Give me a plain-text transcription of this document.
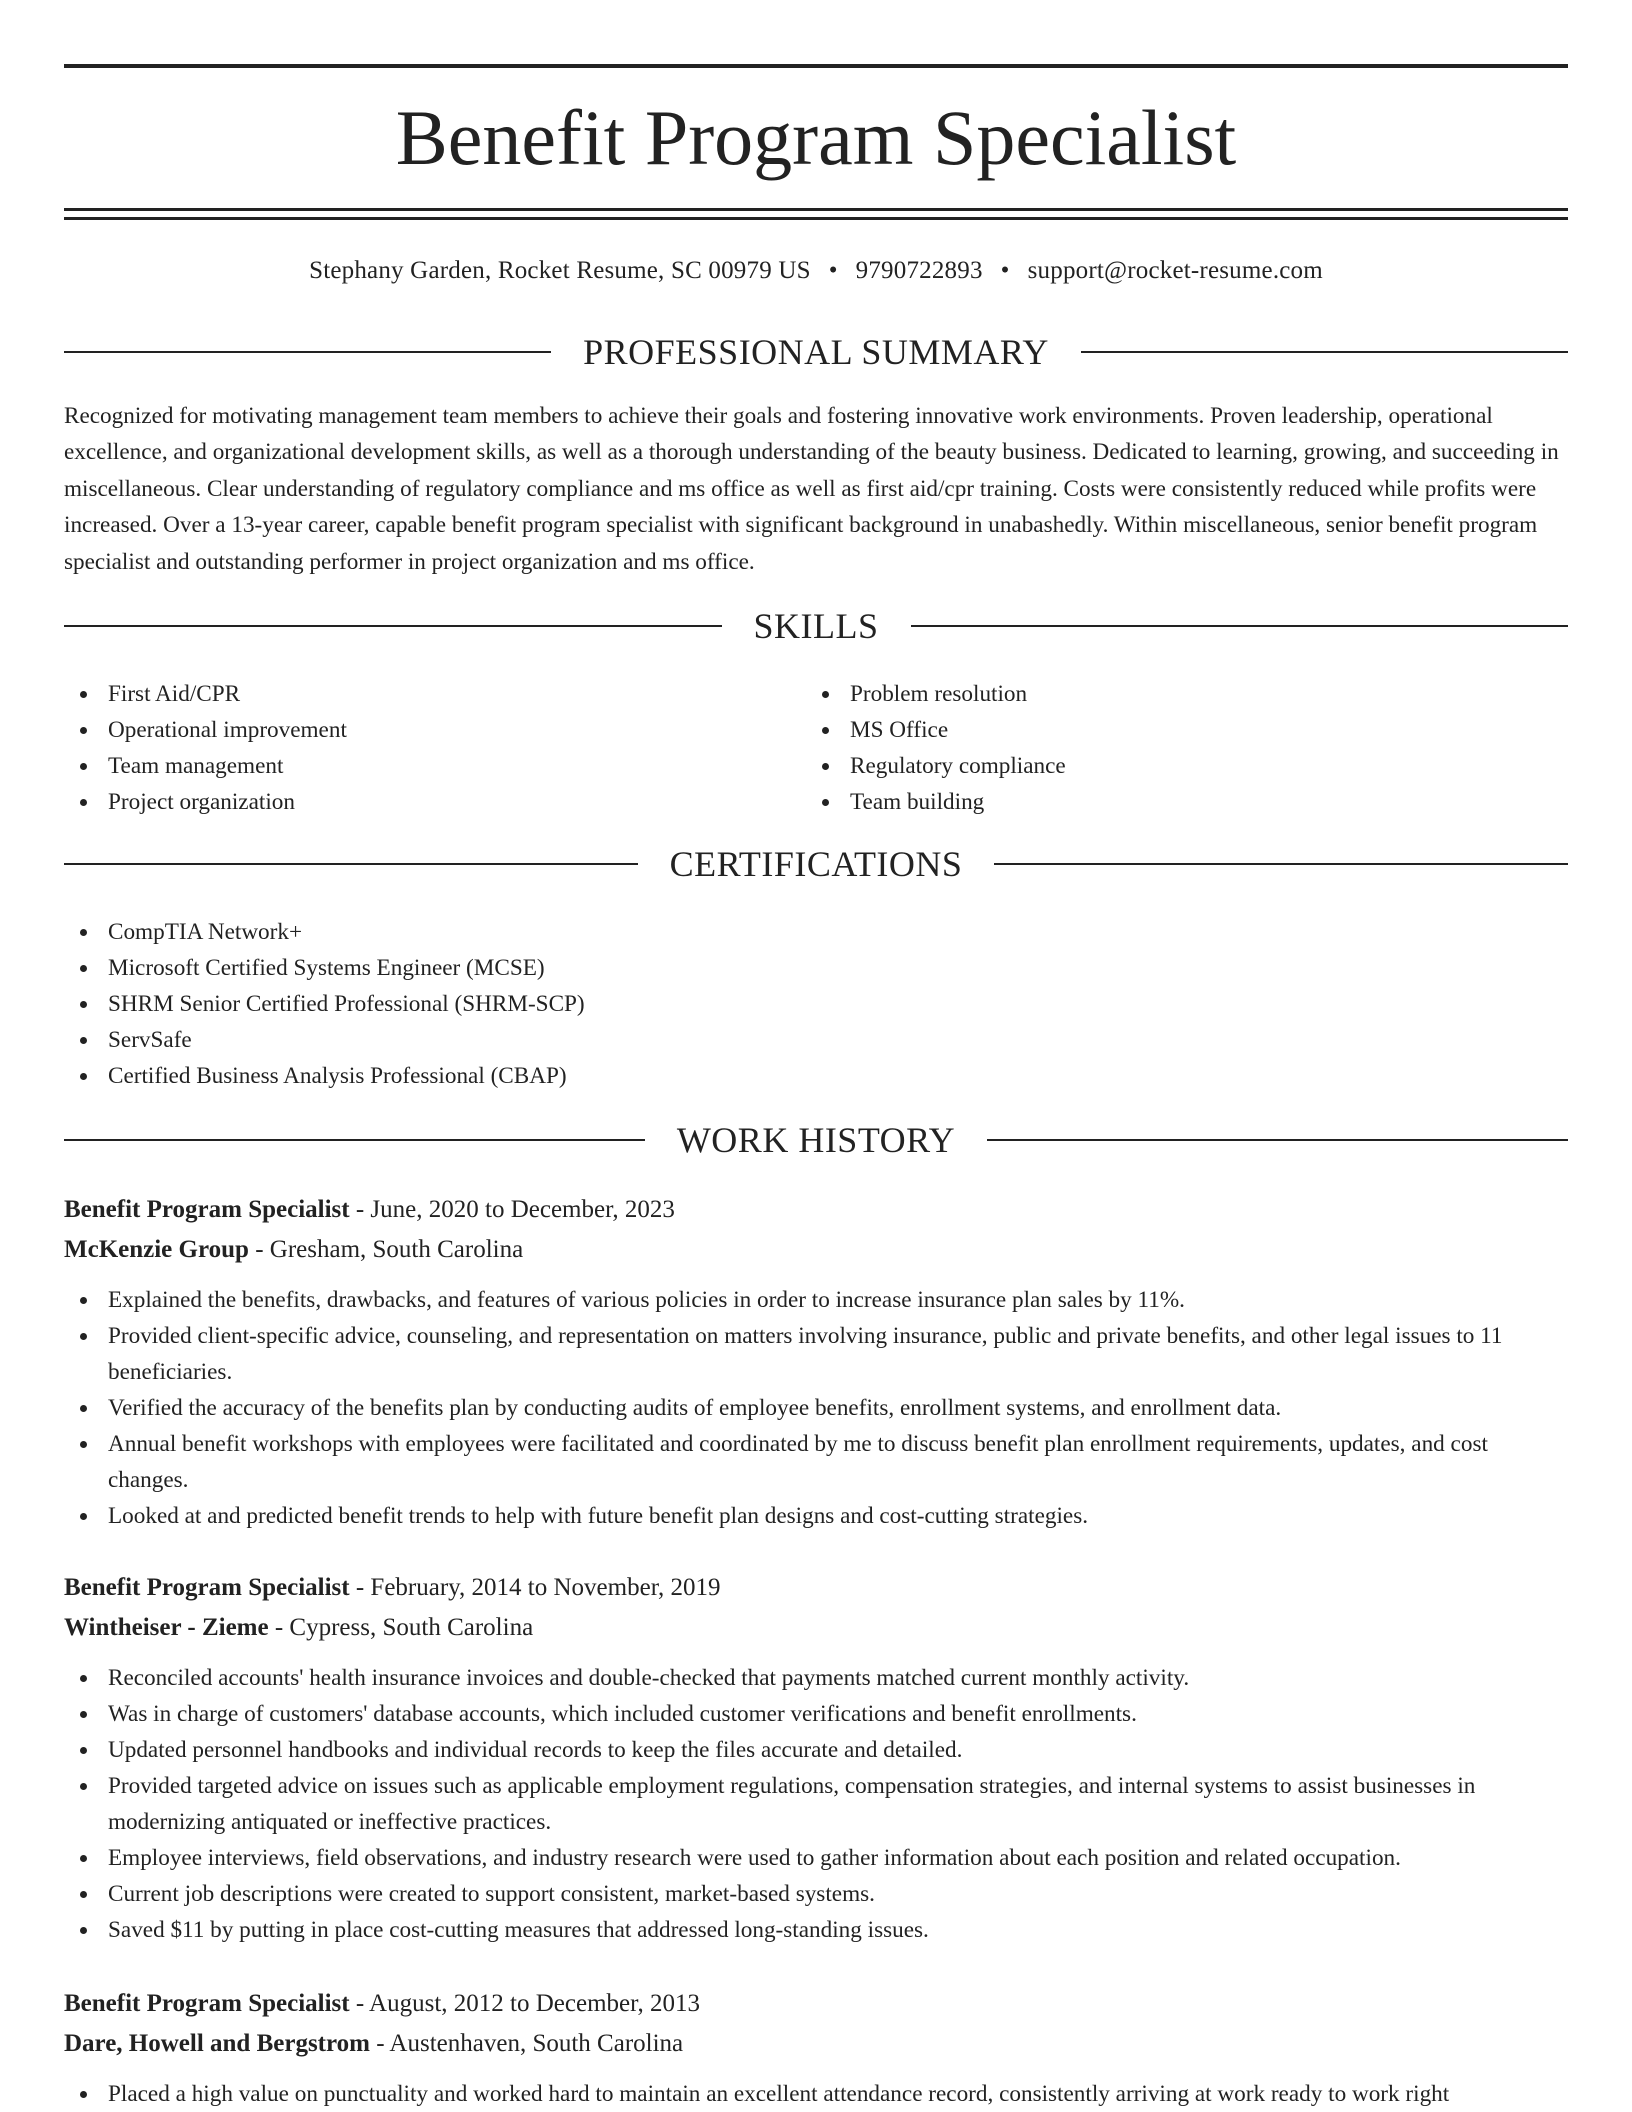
Benefit Program Specialist
Stephany Garden, Rocket Resume, SC 00979 US • 9790722893 • support@rocket-resume.com
PROFESSIONAL SUMMARY

Recognized for motivating management team members to achieve their goals and fostering innovative work environments. Proven leadership, operational excellence, and organizational development skills, as well as a thorough understanding of the beauty business. Dedicated to learning, growing, and succeeding in miscellaneous. Clear understanding of regulatory compliance and ms office as well as first aid/cpr training. Costs were consistently reduced while profits were increased. Over a 13-year career, capable benefit program specialist with significant background in unabashedly. Within miscellaneous, senior benefit program specialist and outstanding performer in project organization and ms office.

SKILLS
First Aid/CPR
Operational improvement
Team management
Project organization
Problem resolution
MS Office
Regulatory compliance
Team building
CERTIFICATIONS
CompTIA Network+
Microsoft Certified Systems Engineer (MCSE)
SHRM Senior Certified Professional (SHRM-SCP)
ServSafe
Certified Business Analysis Professional (CBAP)
WORK HISTORY
Benefit Program Specialist - June, 2020 to December, 2023
McKenzie Group - Gresham, South Carolina
Explained the benefits, drawbacks, and features of various policies in order to increase insurance plan sales by 11%.
Provided client-specific advice, counseling, and representation on matters involving insurance, public and private benefits, and other legal issues to 11 beneficiaries.
Verified the accuracy of the benefits plan by conducting audits of employee benefits, enrollment systems, and enrollment data.
Annual benefit workshops with employees were facilitated and coordinated by me to discuss benefit plan enrollment requirements, updates, and cost changes.
Looked at and predicted benefit trends to help with future benefit plan designs and cost-cutting strategies.
Benefit Program Specialist - February, 2014 to November, 2019
Wintheiser - Zieme - Cypress, South Carolina
Reconciled accounts' health insurance invoices and double-checked that payments matched current monthly activity.
Was in charge of customers' database accounts, which included customer verifications and benefit enrollments.
Updated personnel handbooks and individual records to keep the files accurate and detailed.
Provided targeted advice on issues such as applicable employment regulations, compensation strategies, and internal systems to assist businesses in modernizing antiquated or ineffective practices.
Employee interviews, field observations, and industry research were used to gather information about each position and related occupation.
Current job descriptions were created to support consistent, market-based systems.
Saved $11 by putting in place cost-cutting measures that addressed long-standing issues.
Benefit Program Specialist - August, 2012 to December, 2013
Dare, Howell and Bergstrom - Austenhaven, South Carolina
Placed a high value on punctuality and worked hard to maintain an excellent attendance record, consistently arriving at work ready to work right
